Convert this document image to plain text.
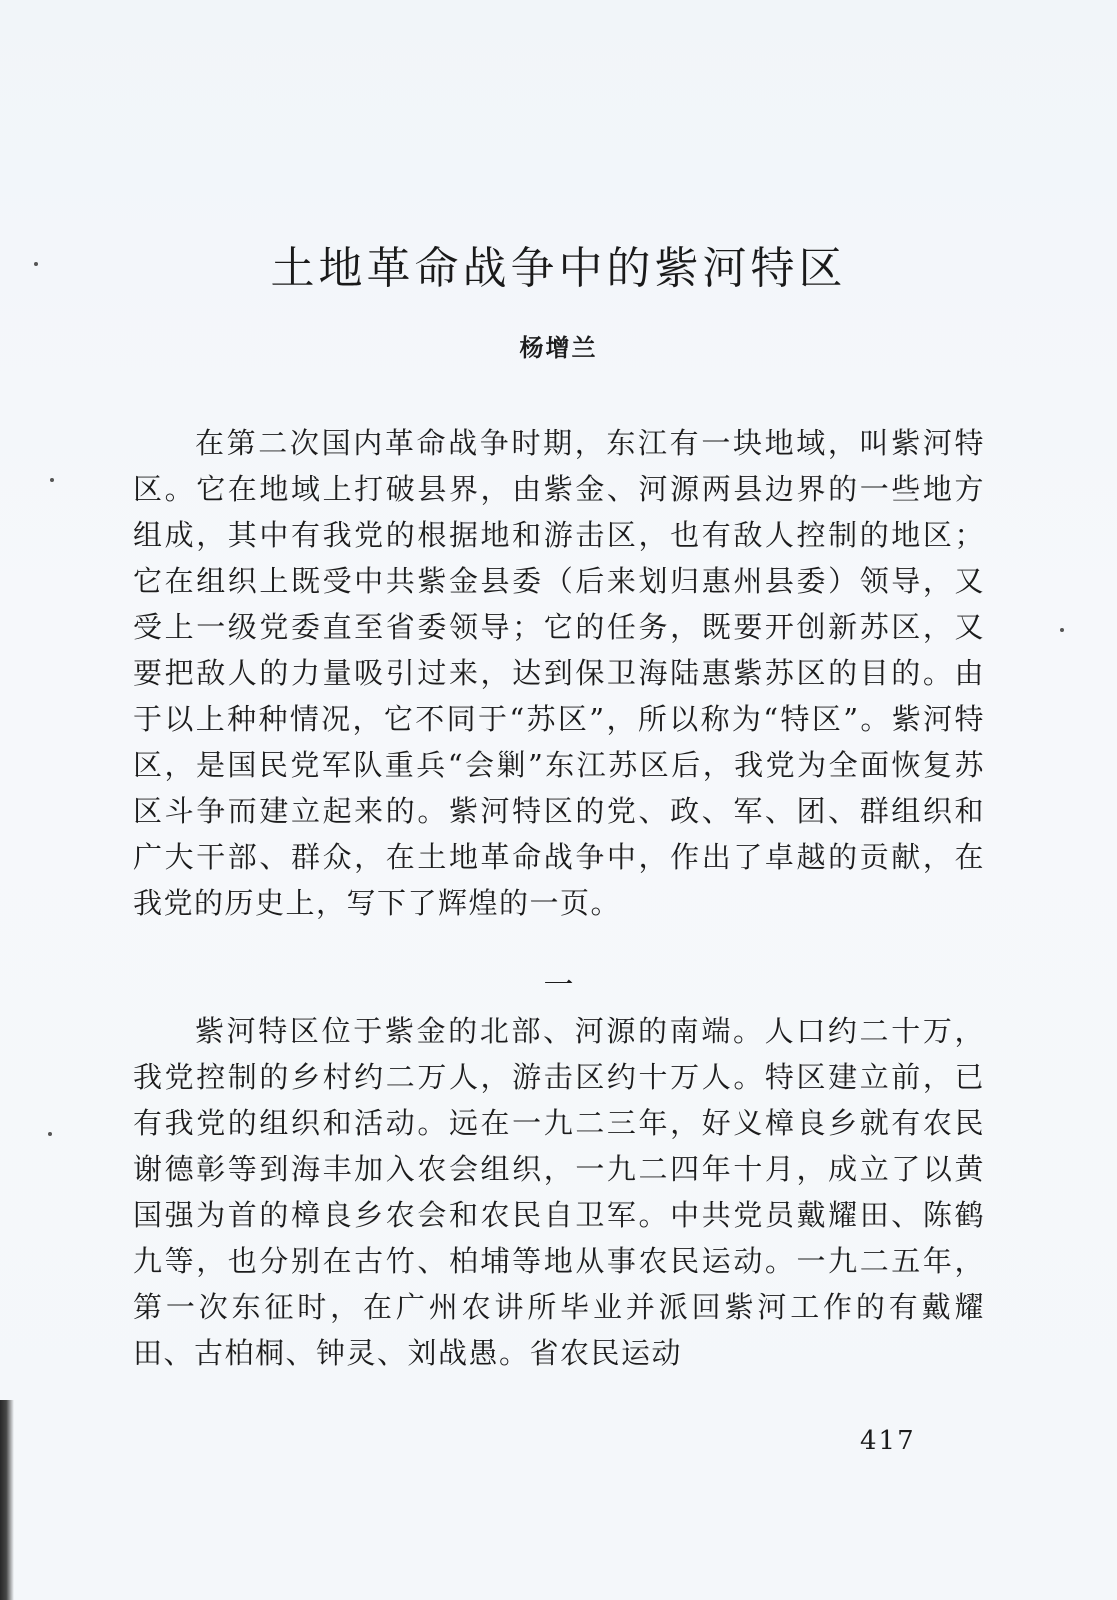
土地革命战争中的紫河特区

杨增兰

在第二次国内革命战争时期，东江有一块地域，叫紫河特区。它在地域上打破县界，由紫金、河源两县边界的一些地方组成，其中有我党的根据地和游击区，也有敌人控制的地区；它在组织上既受中共紫金县委（后来划归惠州县委）领导，又受上一级党委直至省委领导；它的任务，既要开创新苏区，又要把敌人的力量吸引过来，达到保卫海陆惠紫苏区的目的。由于以上种种情况，它不同于“苏区”，所以称为“特区”。紫河特区，是国民党军队重兵“会剿”东江苏区后，我党为全面恢复苏区斗争而建立起来的。紫河特区的党、政、军、团、群组织和广大干部、群众，在土地革命战争中，作出了卓越的贡献，在我党的历史上，写下了辉煌的一页。

一

紫河特区位于紫金的北部、河源的南端。人口约二十万，我党控制的乡村约二万人，游击区约十万人。特区建立前，已有我党的组织和活动。远在一九二三年，好义樟良乡就有农民谢德彰等到海丰加入农会组织，一九二四年十月，成立了以黄国强为首的樟良乡农会和农民自卫军。中共党员戴耀田、陈鹤九等，也分别在古竹、柏埔等地从事农民运动。一九二五年，第一次东征时，在广州农讲所毕业并派回紫河工作的有戴耀田、古柏桐、钟灵、刘战愚。省农民运动

417
